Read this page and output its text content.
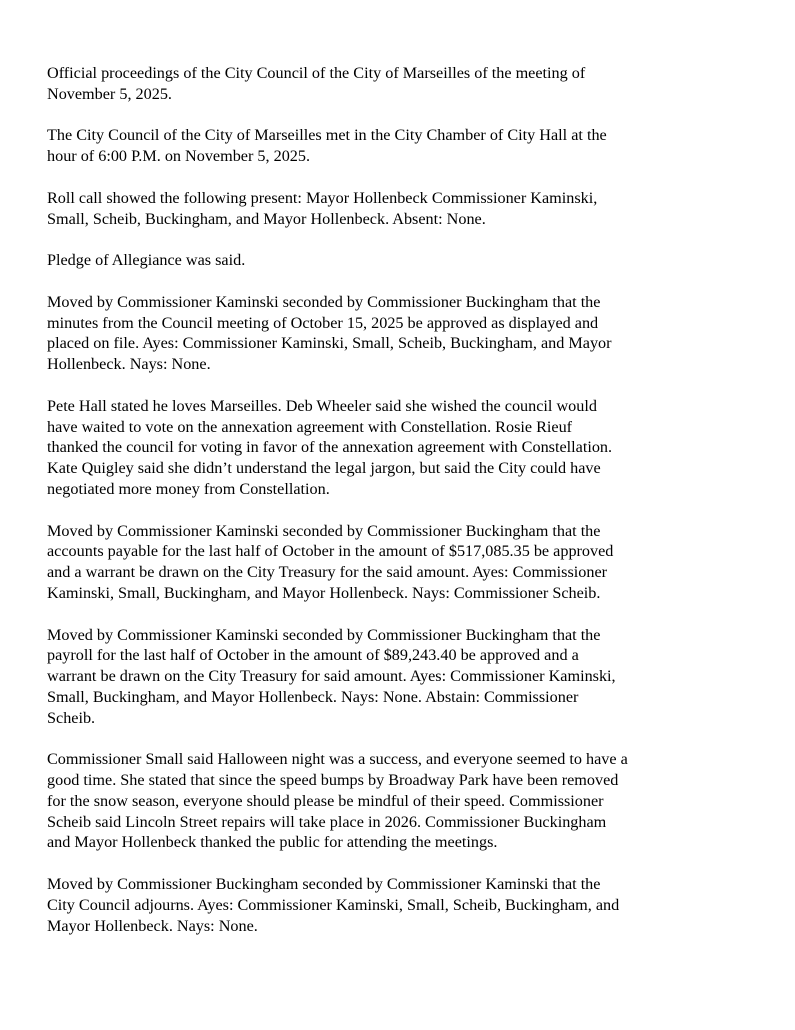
Official proceedings of the City Council of the City of Marseilles of the meeting of
November 5, 2025.

The City Council of the City of Marseilles met in the City Chamber of City Hall at the
hour of 6:00 P.M. on November 5, 2025.

Roll call showed the following present: Mayor Hollenbeck Commissioner Kaminski,
Small, Scheib, Buckingham, and Mayor Hollenbeck. Absent: None.

Pledge of Allegiance was said.

Moved by Commissioner Kaminski seconded by Commissioner Buckingham that the
minutes from the Council meeting of October 15, 2025 be approved as displayed and
placed on file. Ayes: Commissioner Kaminski, Small, Scheib, Buckingham, and Mayor
Hollenbeck. Nays: None.

Pete Hall stated he loves Marseilles. Deb Wheeler said she wished the council would
have waited to vote on the annexation agreement with Constellation. Rosie Rieuf
thanked the council for voting in favor of the annexation agreement with Constellation.
Kate Quigley said she didn’t understand the legal jargon, but said the City could have
negotiated more money from Constellation.

Moved by Commissioner Kaminski seconded by Commissioner Buckingham that the
accounts payable for the last half of October in the amount of $517,085.35 be approved
and a warrant be drawn on the City Treasury for the said amount. Ayes: Commissioner
Kaminski, Small, Buckingham, and Mayor Hollenbeck. Nays: Commissioner Scheib.

Moved by Commissioner Kaminski seconded by Commissioner Buckingham that the
payroll for the last half of October in the amount of $89,243.40 be approved and a
warrant be drawn on the City Treasury for said amount. Ayes: Commissioner Kaminski,
Small, Buckingham, and Mayor Hollenbeck. Nays: None. Abstain: Commissioner
Scheib.

Commissioner Small said Halloween night was a success, and everyone seemed to have a
good time. She stated that since the speed bumps by Broadway Park have been removed
for the snow season, everyone should please be mindful of their speed. Commissioner
Scheib said Lincoln Street repairs will take place in 2026. Commissioner Buckingham
and Mayor Hollenbeck thanked the public for attending the meetings.

Moved by Commissioner Buckingham seconded by Commissioner Kaminski that the
City Council adjourns. Ayes: Commissioner Kaminski, Small, Scheib, Buckingham, and
Mayor Hollenbeck. Nays: None.
